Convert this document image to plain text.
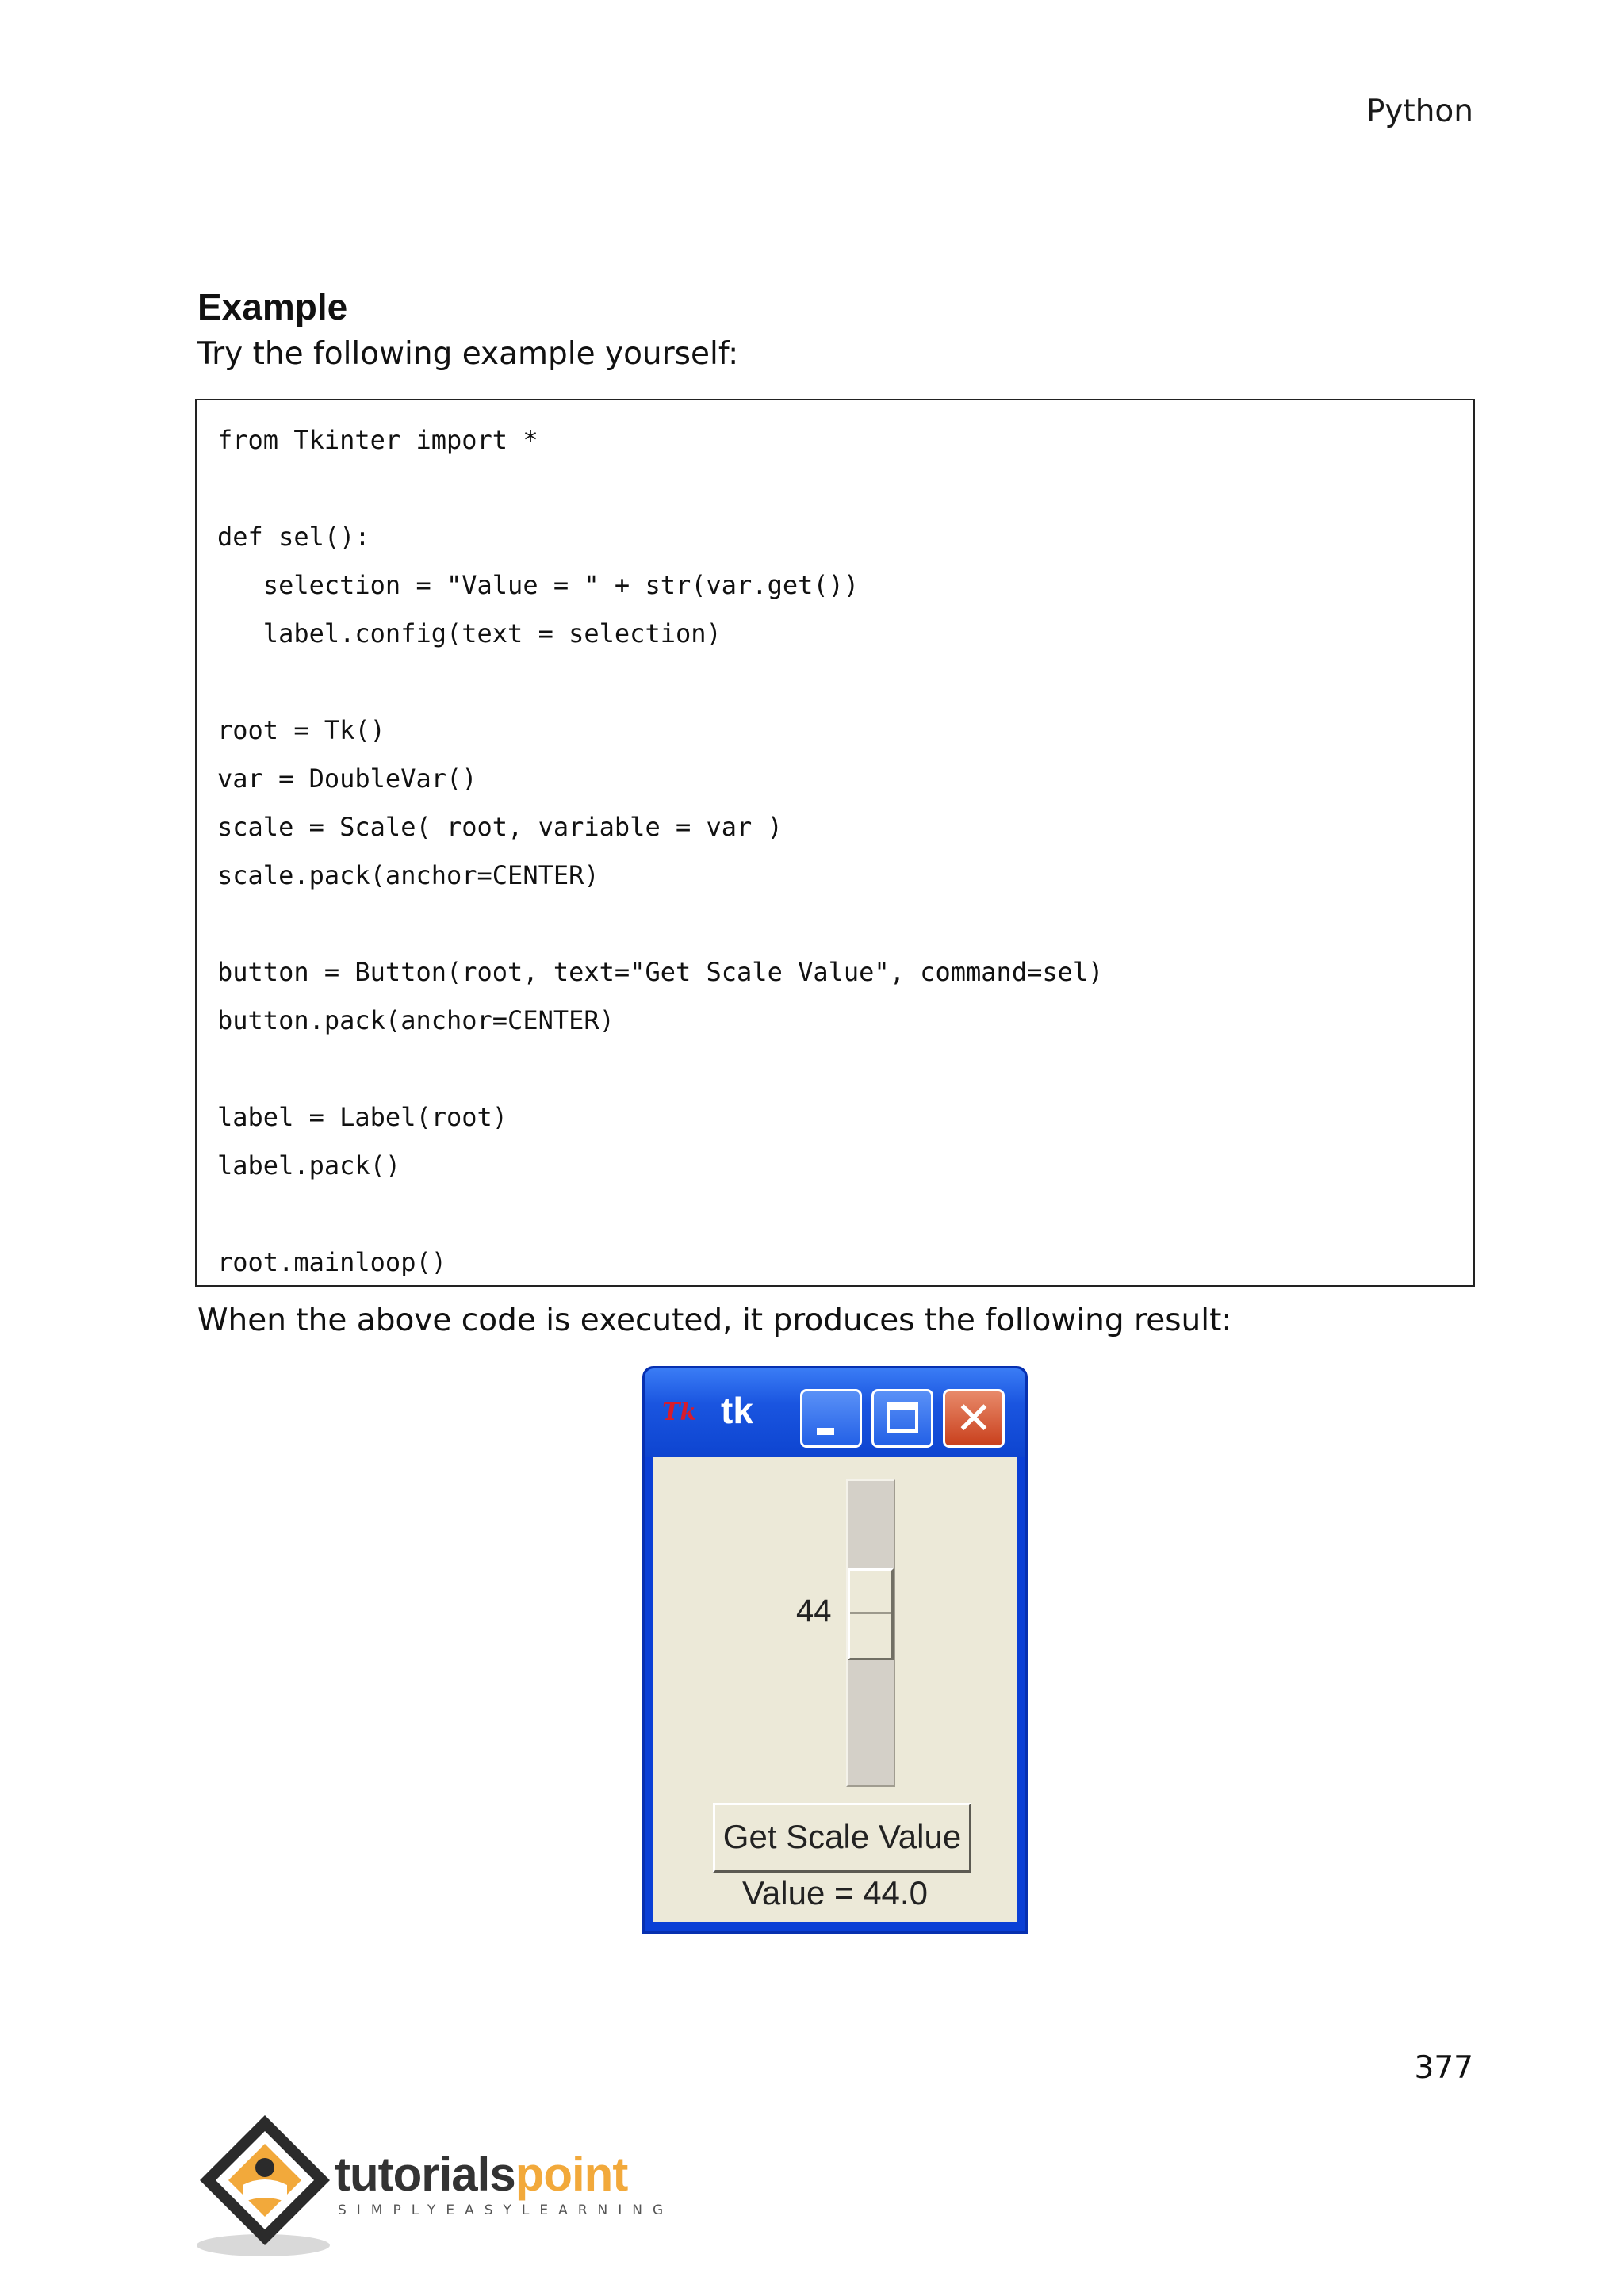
Python
Example
Try the following example yourself:
from Tkinter import *
def sel():
selection = "Value = " + str(var.get())
label.config(text = selection)
root = Tk()
var = DoubleVar()
scale = Scale( root, variable = var )
scale.pack(anchor=CENTER)
button = Button(root, text="Get Scale Value", command=sel)
button.pack(anchor=CENTER)
label = Label(root)
label.pack()
root.mainloop()
When the above code is executed, it produces the following result:
Tk tk	✕
44
Get Scale Value
Value = 44.0
377
tutorialspoint
SIMPLYEASYLEARNING
